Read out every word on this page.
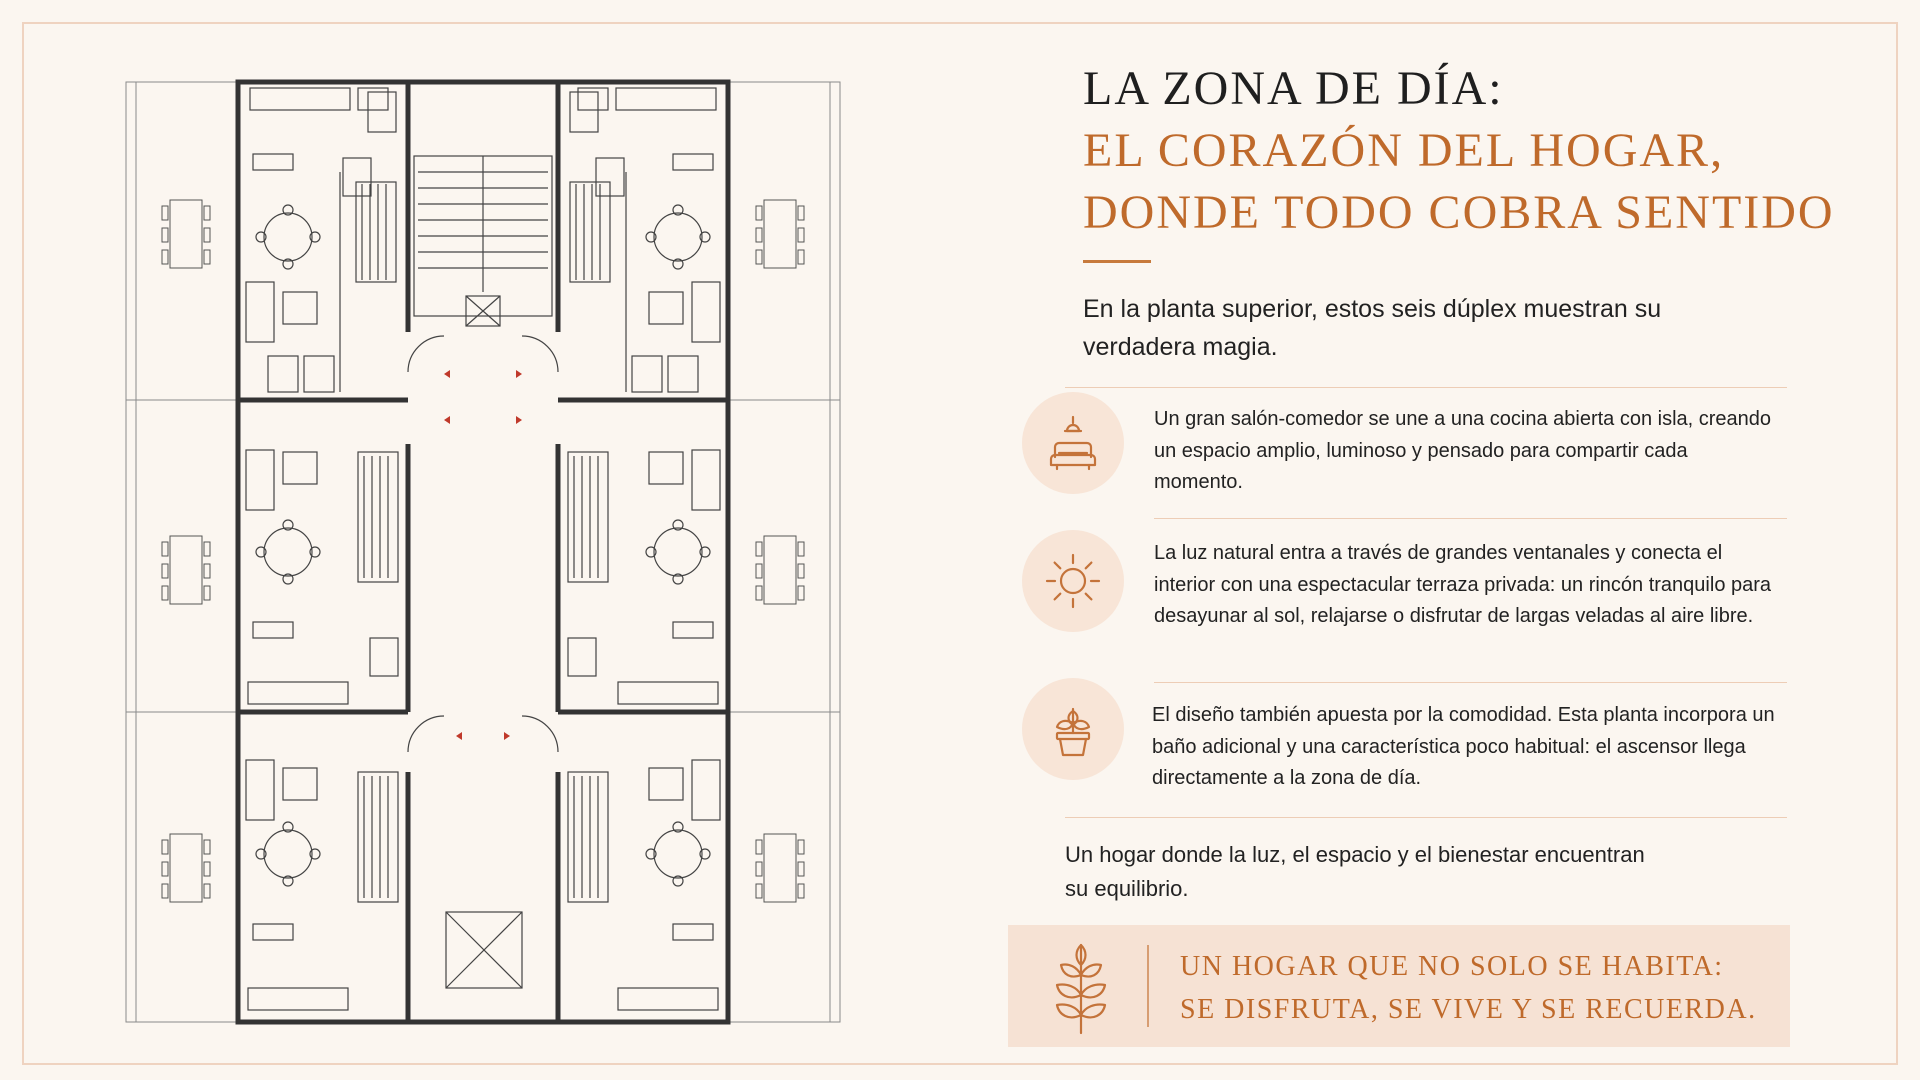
LA ZONA DE DÍA:
EL CORAZÓN DEL HOGAR,
DONDE TODO COBRA SENTIDO
En la planta superior, estos seis dúplex muestran su verdadera magia.
Un gran salón-comedor se une a una cocina abierta con isla, creando un espacio amplio, luminoso y pensado para compartir cada momento.
La luz natural entra a través de grandes ventanales y conecta el interior con una espectacular terraza privada: un rincón tranquilo para desayunar al sol, relajarse o disfrutar de largas veladas al aire libre.
El diseño también apuesta por la comodidad. Esta planta incorpora un baño adicional y una característica poco habitual: el ascensor llega directamente a la zona de día.
Un hogar donde la luz, el espacio y el bienestar encuentran su equilibrio.
UN HOGAR QUE NO SOLO SE HABITA:
SE DISFRUTA, SE VIVE Y SE RECUERDA.
